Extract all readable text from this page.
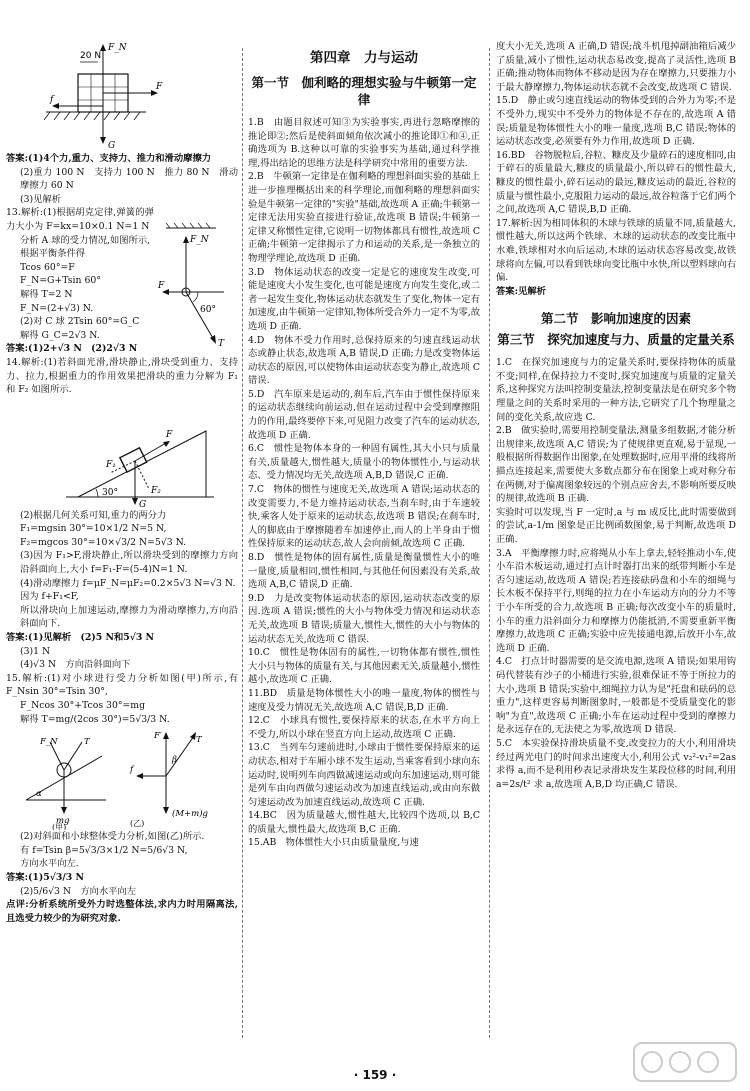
20 N
F_N
F
f
G

答案:(1)4个力,重力、支持力、推力和滑动摩擦力

(2)重力 100 N　支持力 100 N　推力 80 N　滑动摩擦力 60 N

(3)见解析

13.解析:(1)根据胡克定律,弹簧的弹力大小为 F=kx=10×0.1 N=1 N

分析 A 球的受力情况,如图所示,

根据平衡条件得

Tcos 60°=F

F_N=G+Tsin 60°

解得 T=2 N

F_N=(2+√3) N.

(2)对 C 球 2Tsin 60°=G_C

解得 G_C=2√3 N.

F_N
F
T
60°

答案:(1)2+√3 N　(2)2√3 N

14.解析:(1)若斜面光滑,滑块静止,滑块受到重力、支持力、拉力,根据重力的作用效果把滑块的重力分解为 F₁ 和 F₂ 如图所示.

F
F₁
F₂
30°
G

(2)根据几何关系可知,重力的两分力

F₁=mgsin 30°=10×1/2 N=5 N,

F₂=mgcos 30°=10×√3/2 N=5√3 N.

(3)因为 F₁>F,滑块静止,所以滑块受到的摩擦力方向沿斜面向上,大小 f=F₁-F=(5-4)N=1 N.

(4)滑动摩擦力 f=μF_N=μF₂=0.2×5√3 N=√3 N.

因为 f+F₁<F,

所以滑块向上加速运动,摩擦力为滑动摩擦力,方向沿斜面向下.

答案:(1)见解析　(2)5 N和5√3 N

(3)1 N

(4)√3 N　方向沿斜面向下

15.解析:(1)对小球进行受力分析如图(甲)所示,有 F_Nsin 30°=Tsin 30°,

F_Ncos 30°+Tcos 30°=mg

解得 T=mg/(2cos 30°)=5√3/3 N.

F_N	T
α
mg
(甲)
F′	T
β
f
(M+m)g
(乙)

(2)对斜面和小球整体受力分析,如图(乙)所示.

有 f=Tsin β=5√3/3×1/2 N=5/6√3 N,

方向水平向左.

答案:(1)5√3/3 N

(2)5/6√3 N　方向水平向左

点评:分析系统所受外力时选整体法,求内力时用隔离法,且选受力较少的为研究对象.

第四章　力与运动
第一节　伽利略的理想实验与牛顿第一定律

1.B　由题目叙述可知③为实验事实,再进行忽略摩擦的推论即②;然后是使斜面倾角依次减小的推论即①和④,正确选项为 B.这种以可靠的实验事实为基础,通过科学推理,得出结论的思维方法是科学研究中常用的重要方法.

2.B　牛顿第一定律是在伽利略的理想斜面实验的基础上进一步推理概括出来的科学理论,而伽利略的理想斜面实验是牛顿第一定律的"实验"基础,故选项 A 正确;牛顿第一定律无法用实验直接进行验证,故选项 B 错误;牛顿第一定律又称惯性定律,它说明一切物体都具有惯性,故选项 C 正确;牛顿第一定律揭示了力和运动的关系,是一条独立的物理学理论,故选项 D 正确.

3.D　物体运动状态的改变一定是它的速度发生改变,可能是速度大小发生变化,也可能是速度方向发生变化,或二者一起发生变化,物体运动状态就发生了变化,物体一定有加速度,由牛顿第一定律知,物体所受合外力一定不为零,故选项 D 正确.

4.D　物体不受力作用时,总保持原来的匀速直线运动状态或静止状态,故选项 A,B 错误,D 正确;力是改变物体运动状态的原因,可以使物体由运动状态变为静止,故选项 C 错误.

5.D　汽车原来是运动的,刹车后,汽车由于惯性保持原来的运动状态继续向前运动,但在运动过程中会受到摩擦阻力的作用,最终要停下来,可见阻力改变了汽车的运动状态,故选项 D 正确.

6.C　惯性是物体本身的一种固有属性,其大小只与质量有关,质量越大,惯性越大,质量小的物体惯性小,与运动状态、受力情况均无关,故选项 A,B,D 错误,C 正确.

7.C　物体的惯性与速度无关,故选项 A 错误;运动状态的改变需要力,不是力维持运动状态,当刹车时,由于车速较快,乘客人处于原来的运动状态,故选项 B 错误;在刹车时,人的脚底由于摩擦随着车加速停止,而人的上半身由于惯性保持原来的运动状态,故人会向前倾,故选项 C 正确.

8.D　惯性是物体的固有属性,质量是衡量惯性大小的唯一量度,质量相同,惯性相同,与其他任何因素没有关系,故选项 A,B,C 错误,D 正确.

9.D　力是改变物体运动状态的原因,运动状态改变的原因.选项 A 错误;惯性的大小与物体受力情况和运动状态无关,故选项 B 错误;质量大,惯性大,惯性的大小与物体的运动状态无关,故选项 C 错误.

10.C　惯性是物体固有的属性,一切物体都有惯性,惯性大小只与物体的质量有关,与其他因素无关,质量越小,惯性越小,故选项 C 正确.

11.BD　质量是物体惯性大小的唯一量度,物体的惯性与速度及受力情况无关,故选项 A,C 错误,B,D 正确.

12.C　小球具有惯性,要保持原来的状态,在水平方向上不受力,所以小球在竖直方向上运动,故选项 C 正确.

13.C　当列车匀速前进时,小球由于惯性要保持原来的运动状态,相对于车厢小球不发生运动,当乘客看到小球向东运动时,说明列车向西做减速运动或向东加速运动,则可能是列车由向西做匀速运动改为加速直线运动,或由向东做匀速运动改为加速直线运动,故选项 C 正确.

14.BC　因为质量越大,惯性越大,比较四个选项,以 B,C 的质量大,惯性最大,故选项 B,C 正确.

15.AB　物体惯性大小只由质量量度,与速

度大小无关,选项 A 正确,D 错误;战斗机甩掉副油箱后减少了质量,减小了惯性,运动状态易改变,提高了灵活性,选项 B 正确;推动物体而物体不移动是因为存在摩擦力,只要推力小于最大静摩擦力,物体运动状态就不会改变,故选项 C 错误.

15.D　静止或匀速直线运动的物体受到的合外力为零;不是不受外力,现实中不受外力的物体是不存在的,故选项 A 错误;质量是物体惯性大小的唯一量度,选项 B,C 错误;物体的运动状态改变,必须要有外力作用,故选项 D 正确.

16.BD　谷物脱粒后,谷粒、糠皮及少量碎石的速度相同,由于碎石的质量最大,糠皮的质量最小,所以碎石的惯性最大,糠皮的惯性最小,碎石运动的最远,糠皮运动的最近,谷粒的质量与惯性最小,克服阻力运动的最远,故谷粒落于它们两个之间,故选项 A,C 错误,B,D 正确.

17.解析:因为相同体积的木球与铁球的质量不同,质量越大,惯性越大,所以这两个铁球、木球的运动状态的改变比瓶中水难,铁球相对水向后运动,木球的运动状态容易改变,故铁球将向左偏,可以看到铁球向变比瓶中水快,所以塑料球向右偏.

答案:见解析

第二节　影响加速度的因素
第三节　探究加速度与力、质量的定量关系

1.C　在探究加速度与力的定量关系时,要保持物体的质量不变;同样,在保持拉力不变时,探究加速度与质量的定量关系,这种探究方法叫控制变量法,控制变量法是在研究多个物理量之间的关系时采用的一种方法,它研究了几个物理量之间的变化关系,故应选 C.

2.B　做实验时,需要用控制变量法,测量多组数据,才能分析出规律来,故选项 A,C 错误;为了使规律更直观,易于显现,一般根据所得数据作出图象,在处理数据时,应用平滑的线将所描点连接起来,需要使大多数点都分布在图象上或对称分布在两侧,对于偏离图象较远的个别点应舍去,不影响所要反映的规律,故选项 B 正确.

实验时可以发现,当 F 一定时,a 与 m 成反比,此时需要做到的尝试,a-1/m 图象是正比例函数图象,易于判断,故选项 D 正确.

3.A　平衡摩擦力时,应将绳从小车上拿去,轻轻推动小车,使小车沿木板运动,通过打点计时器打出来的纸带判断小车是否匀速运动,故选项 A 错误;若连接砝码盘和小车的细绳与长木板不保持平行,则绳的拉力在小车运动方向的分力不等于小车所受的合力,故选项 B 正确;每次改变小车的质量时,小车的重力沿斜面分力和摩擦力仍能抵消,不需要重新平衡摩擦力,故选项 C 正确;实验中应先接通电源,后放开小车,故选项 D 正确.

4.C　打点计时器需要的是交流电源,选项 A 错误;如果用钩码代替装有沙子的小桶进行实验,很难保证不等于所拉力的大小,选项 B 错误;实验中,细绳拉力认为是"托盘和砝码的总重力",这样更容易判断图象时,一般都是不受质量变化的影响"为直",故选项 C 正确;小车在运动过程中受到的摩擦力是永远存在的,无法使之为零,故选项 D 错误.

5.C　本实验保持滑块质量不变,改变拉力的大小,利用滑块经过两光电门的时间求出速度大小,利用公式 v₂²-v₁²=2as 求得 a,而不是利用秒表记录滑块发生某段位移的时间,利用 a=2s/t² 求 a,故选项 A,B,D 均正确,C 错误.

· 159 ·
